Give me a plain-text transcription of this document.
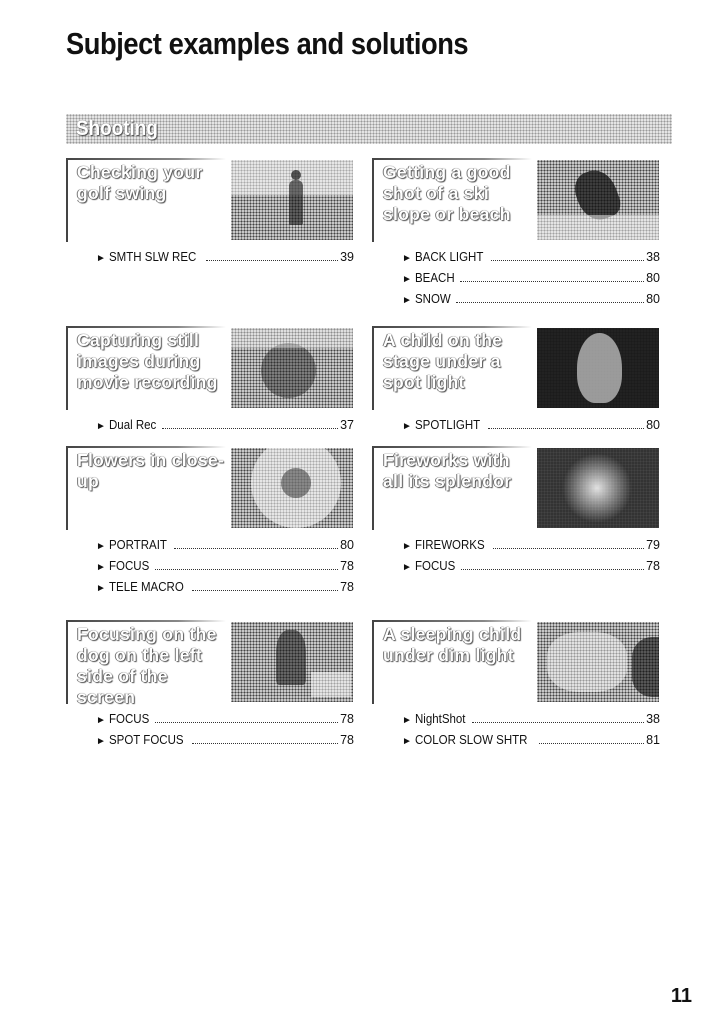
Subject examples and solutions
Shooting
Checking your golf swing
► SMTH SLW REC	39
Getting a good shot of a ski slope or beach
► BACK LIGHT	38
► BEACH	80
► SNOW	80
Capturing still images during movie recording
► Dual Rec	37
A child on the stage under a spot light
► SPOTLIGHT	80
Flowers in close-up
► PORTRAIT	80
► FOCUS	78
► TELE MACRO	78
Fireworks with all its splendor
► FIREWORKS	79
► FOCUS	78
Focusing on the dog on the left side of the screen
► FOCUS	78
► SPOT FOCUS	78
A sleeping child under dim light
► NightShot	38
► COLOR SLOW SHTR	81
11
